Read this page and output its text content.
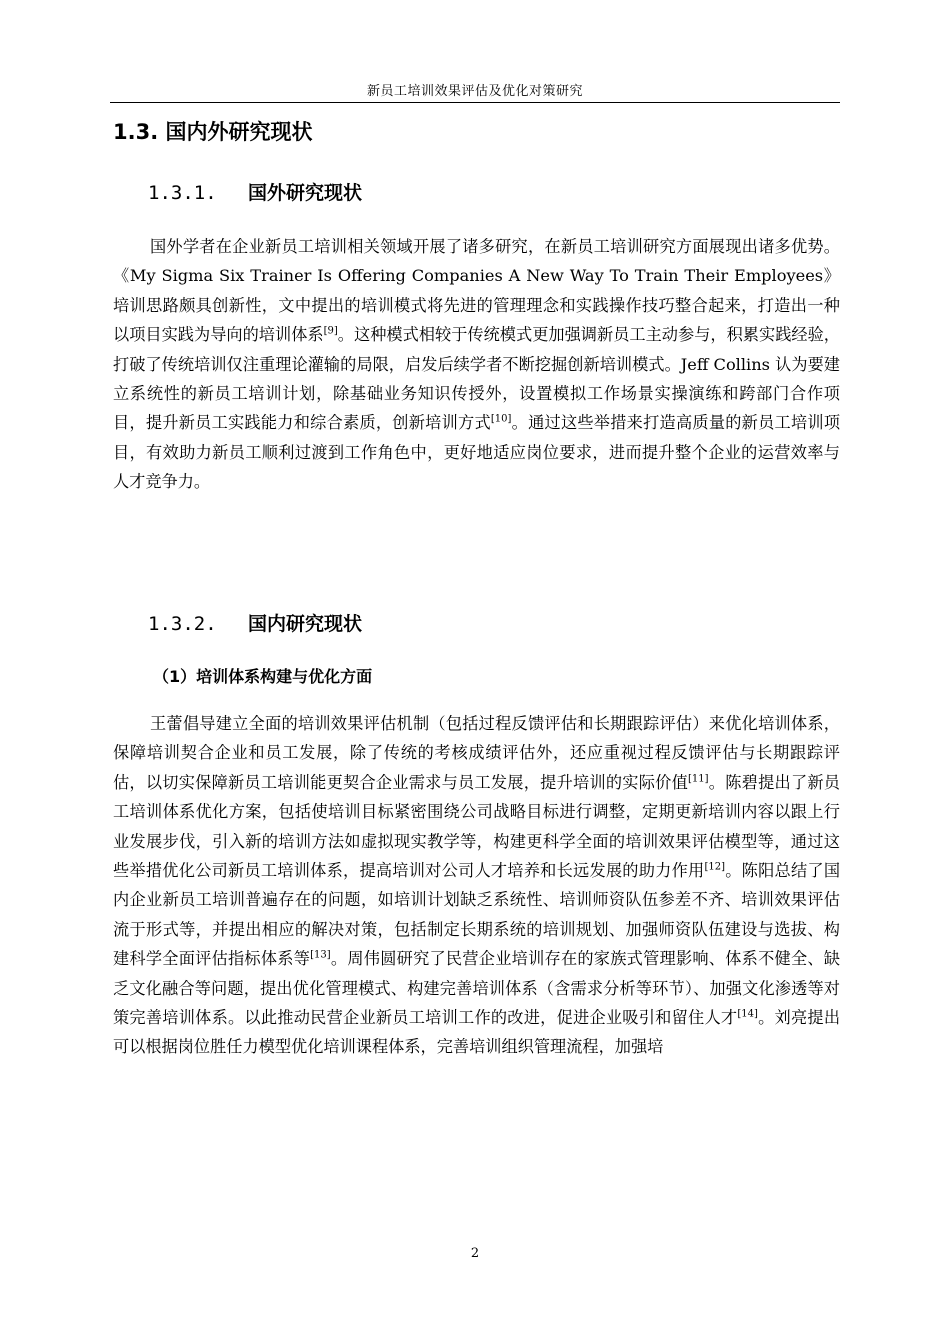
新员工培训效果评估及优化对策研究
1.3. 国内外研究现状
1.3.1. 国外研究现状

国外学者在企业新员工培训相关领域开展了诸多研究，在新员工培训研究方面展现出诸多优势。《My Sigma Six Trainer Is Offering Companies A New Way To Train Their Employees》培训思路颇具创新性，文中提出的培训模式将先进的管理理念和实践操作技巧整合起来，打造出一种以项目实践为导向的培训体系[9]。这种模式相较于传统模式更加强调新员工主动参与，积累实践经验，打破了传统培训仅注重理论灌输的局限，启发后续学者不断挖掘创新培训模式。Jeff Collins 认为要建立系统性的新员工培训计划，除基础业务知识传授外，设置模拟工作场景实操演练和跨部门合作项目，提升新员工实践能力和综合素质，创新培训方式[10]。通过这些举措来打造高质量的新员工培训项目，有效助力新员工顺利过渡到工作角色中，更好地适应岗位要求，进而提升整个企业的运营效率与人才竞争力。

1.3.2. 国内研究现状
（1）培训体系构建与优化方面

王蕾倡导建立全面的培训效果评估机制（包括过程反馈评估和长期跟踪评估）来优化培训体系，保障培训契合企业和员工发展，除了传统的考核成绩评估外，还应重视过程反馈评估与长期跟踪评估，以切实保障新员工培训能更契合企业需求与员工发展，提升培训的实际价值[11]。陈碧提出了新员工培训体系优化方案，包括使培训目标紧密围绕公司战略目标进行调整，定期更新培训内容以跟上行业发展步伐，引入新的培训方法如虚拟现实教学等，构建更科学全面的培训效果评估模型等，通过这些举措优化公司新员工培训体系，提高培训对公司人才培养和长远发展的助力作用[12]。陈阳总结了国内企业新员工培训普遍存在的问题，如培训计划缺乏系统性、培训师资队伍参差不齐、培训效果评估流于形式等，并提出相应的解决对策，包括制定长期系统的培训规划、加强师资队伍建设与选拔、构建科学全面评估指标体系等[13]。周伟圆研究了民营企业培训存在的家族式管理影响、体系不健全、缺乏文化融合等问题，提出优化管理模式、构建完善培训体系（含需求分析等环节）、加强文化渗透等对策完善培训体系。以此推动民营企业新员工培训工作的改进，促进企业吸引和留住人才[14]。刘亮提出可以根据岗位胜任力模型优化培训课程体系，完善培训组织管理流程，加强培

2
